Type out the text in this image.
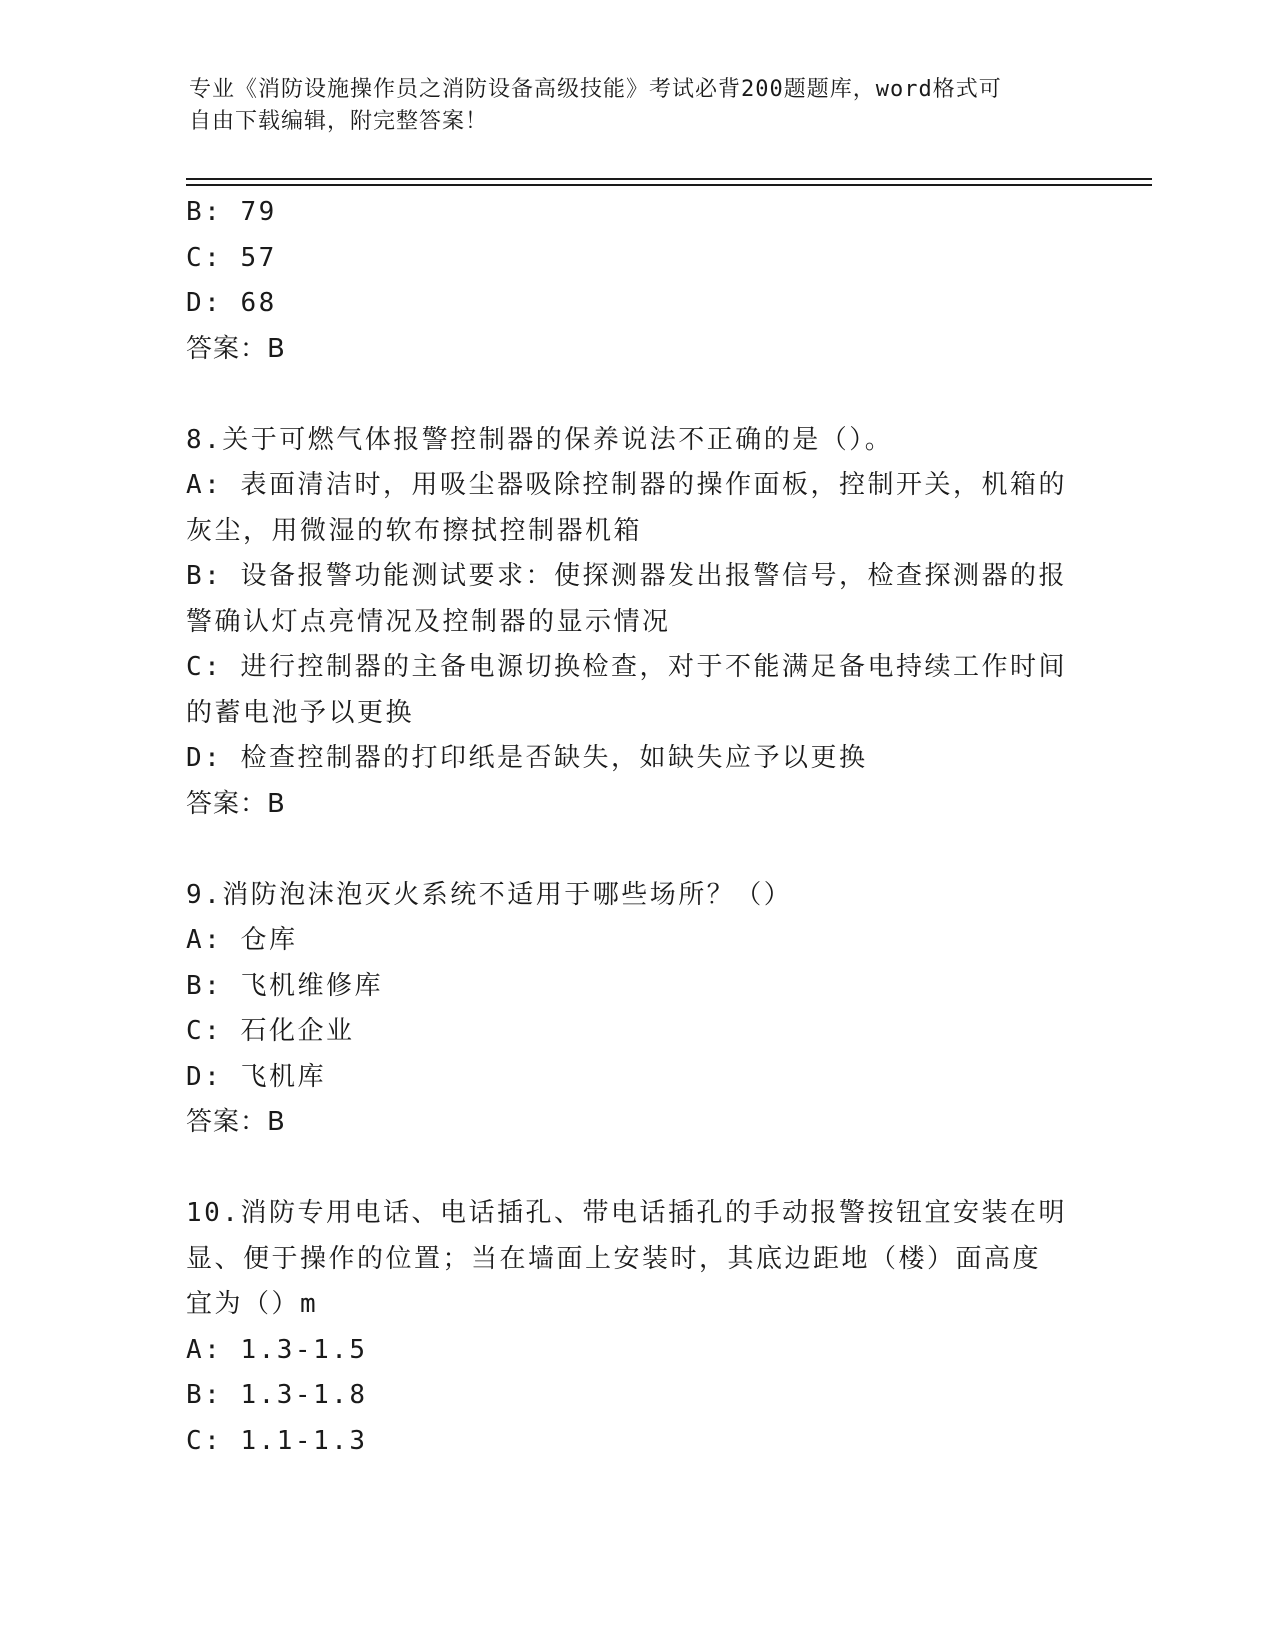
专业《消防设施操作员之消防设备高级技能》考试必背200题题库，word格式可
自由下载编辑，附完整答案！
B: 79
C: 57
D: 68
答案：B
8.关于可燃气体报警控制器的保养说法不正确的是（）。
A: 表面清洁时，用吸尘器吸除控制器的操作面板，控制开关，机箱的
灰尘，用微湿的软布擦拭控制器机箱
B: 设备报警功能测试要求：使探测器发出报警信号，检查探测器的报
警确认灯点亮情况及控制器的显示情况
C: 进行控制器的主备电源切换检查，对于不能满足备电持续工作时间
的蓄电池予以更换
D: 检查控制器的打印纸是否缺失，如缺失应予以更换
答案：B
9.消防泡沫泡灭火系统不适用于哪些场所？（）
A: 仓库
B: 飞机维修库
C: 石化企业
D: 飞机库
答案：B
10.消防专用电话、电话插孔、带电话插孔的手动报警按钮宜安装在明
显、便于操作的位置；当在墙面上安装时，其底边距地（楼）面高度
宜为（）m
A: 1.3-1.5
B: 1.3-1.8
C: 1.1-1.3
